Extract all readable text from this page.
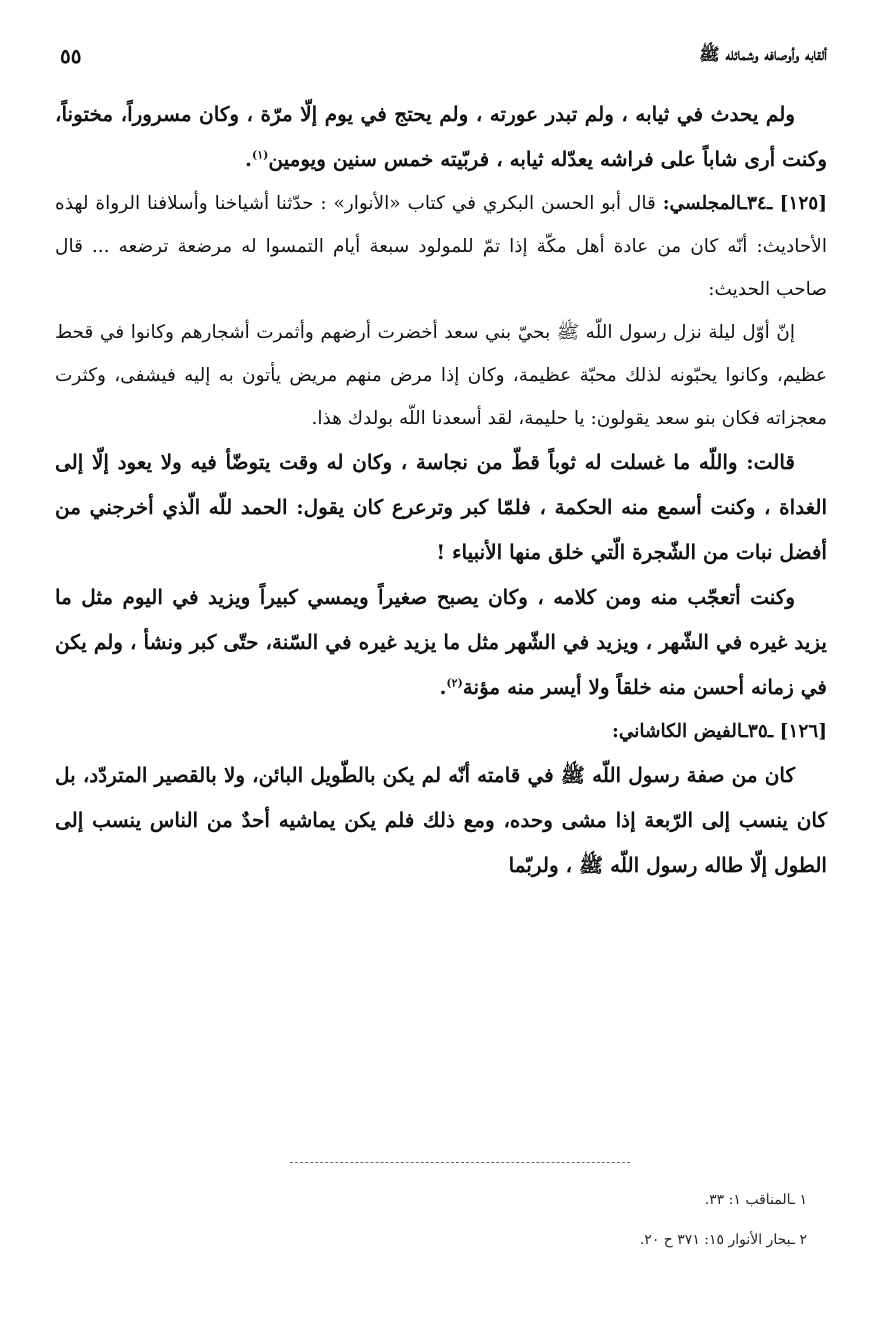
ألقابه وأوصافه وشمائله ﷺ
٥٥

ولم يحدث في ثيابه ، ولم تبدر عورته ، ولم يحتج في يوم إلّا مرّة ، وكان مسروراً، مختوناً، وكنت أرى شاباً على فراشه يعدّله ثيابه ، فربّيته خمس سنين ويومين$^{(١)}$.

[١٢٥] ـ٣٤ـالمجلسي: قال أبو الحسن البكري في كتاب «الأنوار» : حدّثنا أشياخنا وأسلافنا الرواة لهذه الأحاديث: أنّه كان من عادة أهل مكّة إذا تمّ للمولود سبعة أيام التمسوا له مرضعة ترضعه ... قال صاحب الحديث:

إنّ أوّل ليلة نزل رسول اللّه ﷺ بحيّ بني سعد أخضرت أرضهم وأثمرت أشجارهم وكانوا في قحط عظيم، وكانوا يحبّونه لذلك محبّة عظيمة، وكان إذا مرض منهم مريض يأتون به إليه فيشفى، وكثرت معجزاته فكان بنو سعد يقولون: يا حليمة، لقد أسعدنا اللّه بولدك هذا.

قالت: واللّه ما غسلت له ثوباً قطّ من نجاسة ، وكان له وقت يتوضّأ فيه ولا يعود إلّا إلى الغداة ، وكنت أسمع منه الحكمة ، فلمّا كبر وترعرع كان يقول: الحمد للّه الّذي أخرجني من أفضل نبات من الشّجرة الّتي خلق منها الأنبياء !

وكنت أتعجّب منه ومن كلامه ، وكان يصبح صغيراً ويمسي كبيراً ويزيد في اليوم مثل ما يزيد غيره في الشّهر ، ويزيد في الشّهر مثل ما يزيد غيره في السّنة، حتّى كبر ونشأ ، ولم يكن في زمانه أحسن منه خلقاً ولا أيسر منه مؤنة$^{(٢)}$.

[١٢٦] ـ٣٥ـالفيض الكاشاني:

كان من صفة رسول اللّه ﷺ في قامته أنّه لم يكن بالطّويل البائن، ولا بالقصير المتردّد، بل كان ينسب إلى الرّبعة إذا مشى وحده، ومع ذلك فلم يكن يماشيه أحدٌ من الناس ينسب إلى الطول إلّا طاله رسول اللّه ﷺ ، ولربّما

١ ـالمناقب ١: ٣٣.

٢ ـبحار الأنوار ١٥: ٣٧١ ح ٢٠.
